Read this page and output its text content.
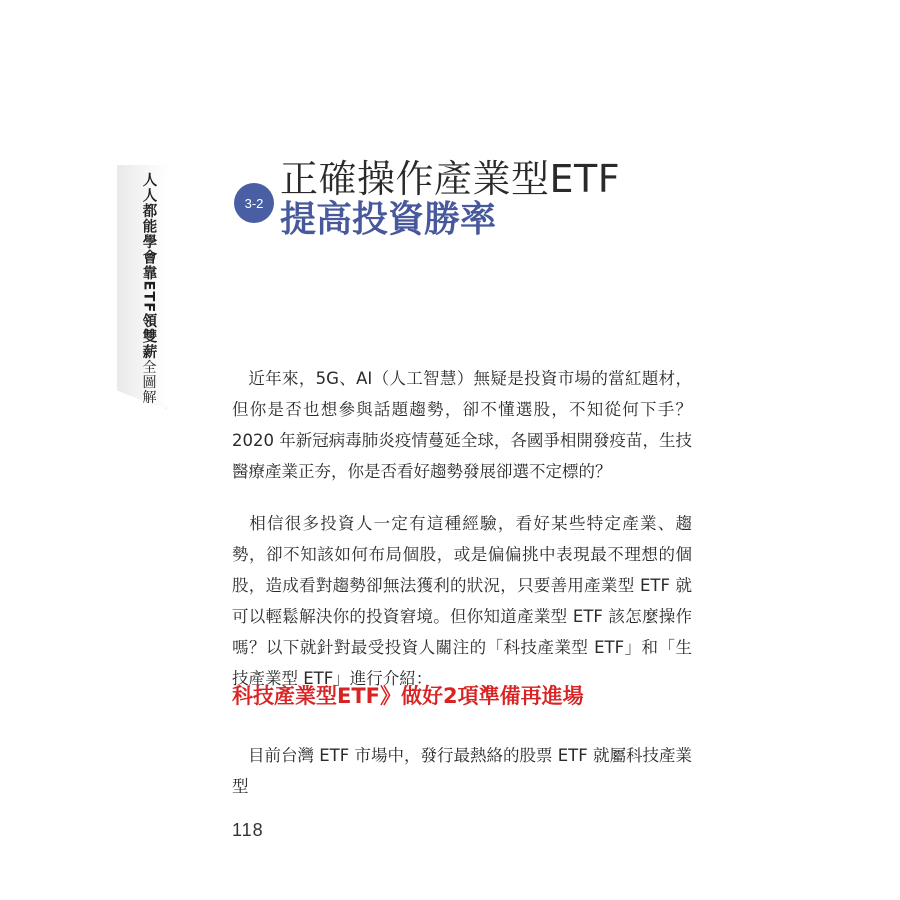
人人都能學會靠ETF領雙薪全圖解
3-2
正確操作產業型ETF
提高投資勝率
近年來，5G、AI（人工智慧）無疑是投資市場的當紅題材，但你是否也想參與話題趨勢，卻不懂選股，不知從何下手？ 2020 年新冠病毒肺炎疫情蔓延全球，各國爭相開發疫苗，生技醫療產業正夯，你是否看好趨勢發展卻選不定標的？
相信很多投資人一定有這種經驗，看好某些特定產業、趨勢，卻不知該如何布局個股，或是偏偏挑中表現最不理想的個股，造成看對趨勢卻無法獲利的狀況，只要善用產業型 ETF 就可以輕鬆解決你的投資窘境。但你知道產業型 ETF 該怎麼操作嗎？以下就針對最受投資人關注的「科技產業型 ETF」和「生技產業型 ETF」進行介紹：
科技產業型ETF》做好2項準備再進場
目前台灣 ETF 市場中，發行最熱絡的股票 ETF 就屬科技產業型
118
